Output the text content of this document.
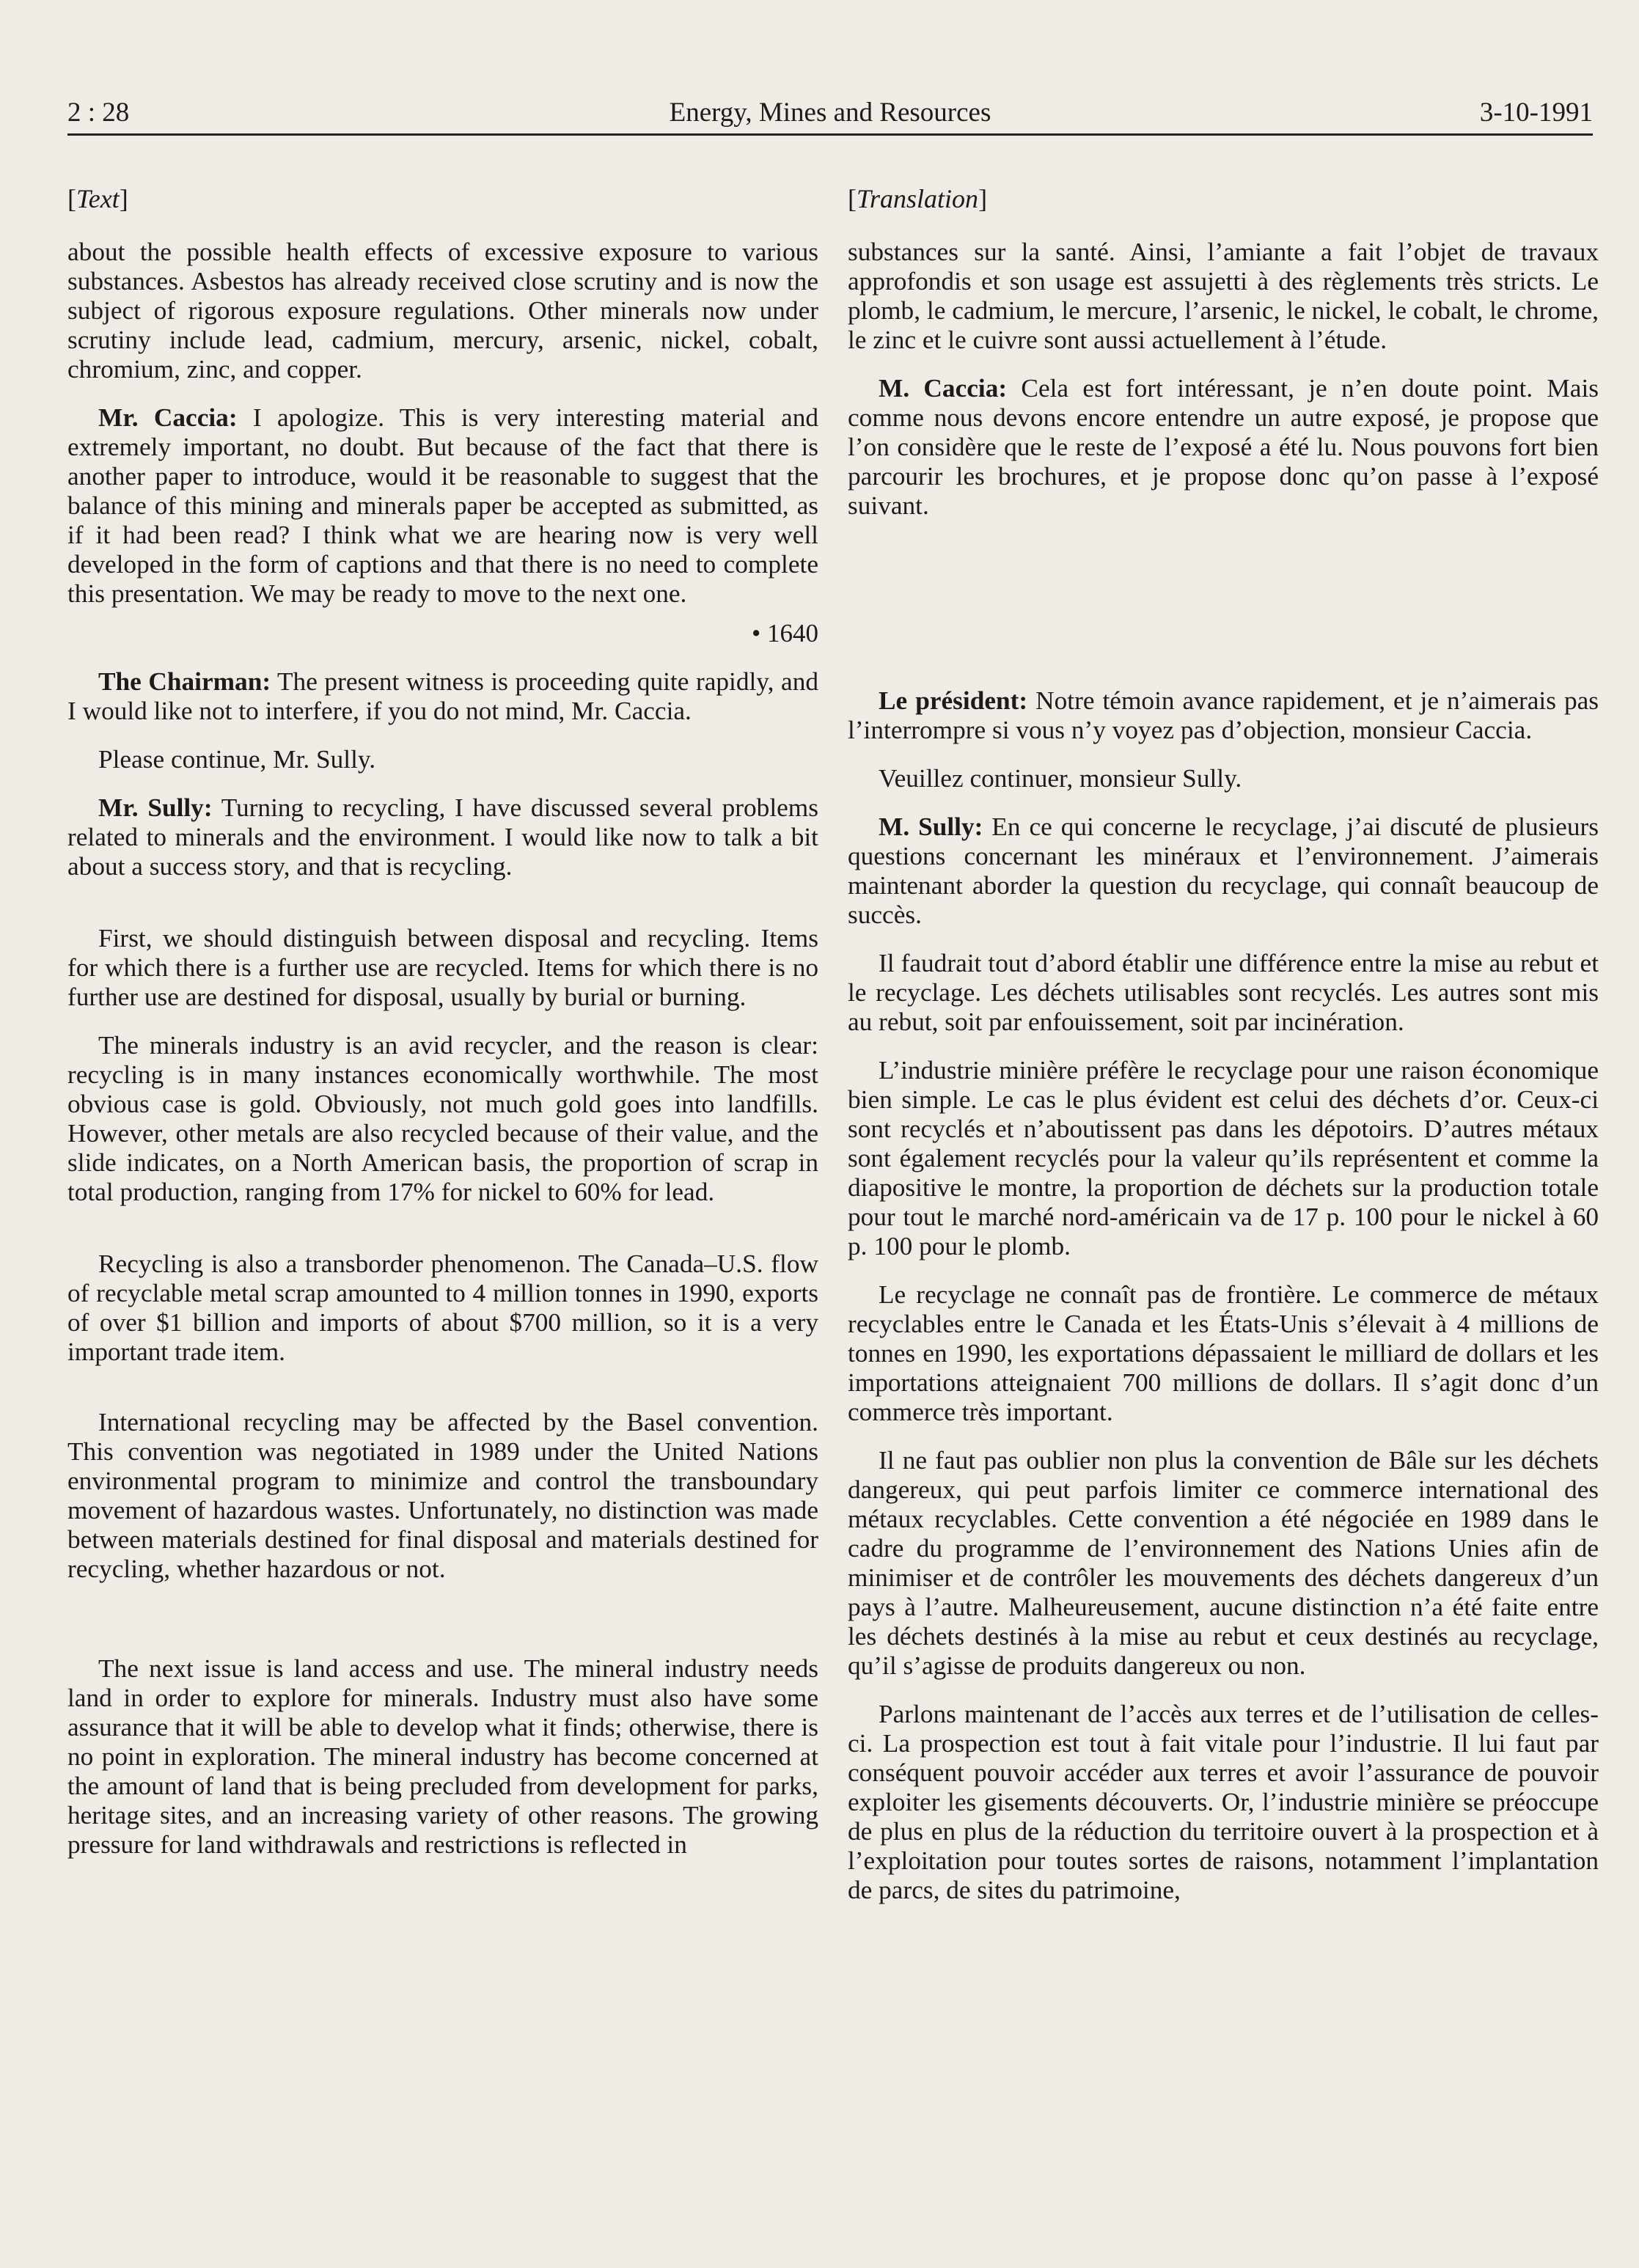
2 : 28	Energy, Mines and Resources	3-10-1991
[Text]

about the possible health effects of excessive exposure to various substances. Asbestos has already received close scrutiny and is now the subject of rigorous exposure regulations. Other minerals now under scrutiny include lead, cadmium, mercury, arsenic, nickel, cobalt, chromium, zinc, and copper.

Mr. Caccia: I apologize. This is very interesting material and extremely important, no doubt. But because of the fact that there is another paper to introduce, would it be reasonable to suggest that the balance of this mining and minerals paper be accepted as submitted, as if it had been read? I think what we are hearing now is very well developed in the form of captions and that there is no need to complete this presentation. We may be ready to move to the next one.

• 1640

The Chairman: The present witness is proceeding quite rapidly, and I would like not to interfere, if you do not mind, Mr. Caccia.

Please continue, Mr. Sully.

Mr. Sully: Turning to recycling, I have discussed several problems related to minerals and the environment. I would like now to talk a bit about a success story, and that is recycling.

First, we should distinguish between disposal and recycling. Items for which there is a further use are recycled. Items for which there is no further use are destined for disposal, usually by burial or burning.

The minerals industry is an avid recycler, and the reason is clear: recycling is in many instances economically worthwhile. The most obvious case is gold. Obviously, not much gold goes into landfills. However, other metals are also recycled because of their value, and the slide indicates, on a North American basis, the proportion of scrap in total production, ranging from 17% for nickel to 60% for lead.

Recycling is also a transborder phenomenon. The Canada–U.S. flow of recyclable metal scrap amounted to 4 million tonnes in 1990, exports of over $1 billion and imports of about $700 million, so it is a very important trade item.

International recycling may be affected by the Basel convention. This convention was negotiated in 1989 under the United Nations environmental program to minimize and control the transboundary movement of hazardous wastes. Unfortunately, no distinction was made between materials destined for final disposal and materials destined for recycling, whether hazardous or not.

The next issue is land access and use. The mineral industry needs land in order to explore for minerals. Industry must also have some assurance that it will be able to develop what it finds; otherwise, there is no point in exploration. The mineral industry has become concerned at the amount of land that is being precluded from development for parks, heritage sites, and an increasing variety of other reasons. The growing pressure for land withdrawals and restrictions is reflected in

[Translation]

substances sur la santé. Ainsi, l’amiante a fait l’objet de travaux approfondis et son usage est assujetti à des règlements très stricts. Le plomb, le cadmium, le mercure, l’arsenic, le nickel, le cobalt, le chrome, le zinc et le cuivre sont aussi actuellement à l’étude.

M. Caccia: Cela est fort intéressant, je n’en doute point. Mais comme nous devons encore entendre un autre exposé, je propose que l’on considère que le reste de l’exposé a été lu. Nous pouvons fort bien parcourir les brochures, et je propose donc qu’on passe à l’exposé suivant.

Le président: Notre témoin avance rapidement, et je n’aimerais pas l’interrompre si vous n’y voyez pas d’objection, monsieur Caccia.

Veuillez continuer, monsieur Sully.

M. Sully: En ce qui concerne le recyclage, j’ai discuté de plusieurs questions concernant les minéraux et l’environnement. J’aimerais maintenant aborder la question du recyclage, qui connaît beaucoup de succès.

Il faudrait tout d’abord établir une différence entre la mise au rebut et le recyclage. Les déchets utilisables sont recyclés. Les autres sont mis au rebut, soit par enfouissement, soit par incinération.

L’industrie minière préfère le recyclage pour une raison économique bien simple. Le cas le plus évident est celui des déchets d’or. Ceux-ci sont recyclés et n’aboutissent pas dans les dépotoirs. D’autres métaux sont également recyclés pour la valeur qu’ils représentent et comme la diapositive le montre, la proportion de déchets sur la production totale pour tout le marché nord-américain va de 17 p. 100 pour le nickel à 60 p. 100 pour le plomb.

Le recyclage ne connaît pas de frontière. Le commerce de métaux recyclables entre le Canada et les États-Unis s’élevait à 4 millions de tonnes en 1990, les exportations dépassaient le milliard de dollars et les importations atteignaient 700 millions de dollars. Il s’agit donc d’un commerce très important.

Il ne faut pas oublier non plus la convention de Bâle sur les déchets dangereux, qui peut parfois limiter ce commerce international des métaux recyclables. Cette convention a été négociée en 1989 dans le cadre du programme de l’environnement des Nations Unies afin de minimiser et de contrôler les mouvements des déchets dangereux d’un pays à l’autre. Malheureusement, aucune distinction n’a été faite entre les déchets destinés à la mise au rebut et ceux destinés au recyclage, qu’il s’agisse de produits dangereux ou non.

Parlons maintenant de l’accès aux terres et de l’utilisation de celles-ci. La prospection est tout à fait vitale pour l’industrie. Il lui faut par conséquent pouvoir accéder aux terres et avoir l’assurance de pouvoir exploiter les gisements découverts. Or, l’industrie minière se préoccupe de plus en plus de la réduction du territoire ouvert à la prospection et à l’exploitation pour toutes sortes de raisons, notamment l’implantation de parcs, de sites du patrimoine,
